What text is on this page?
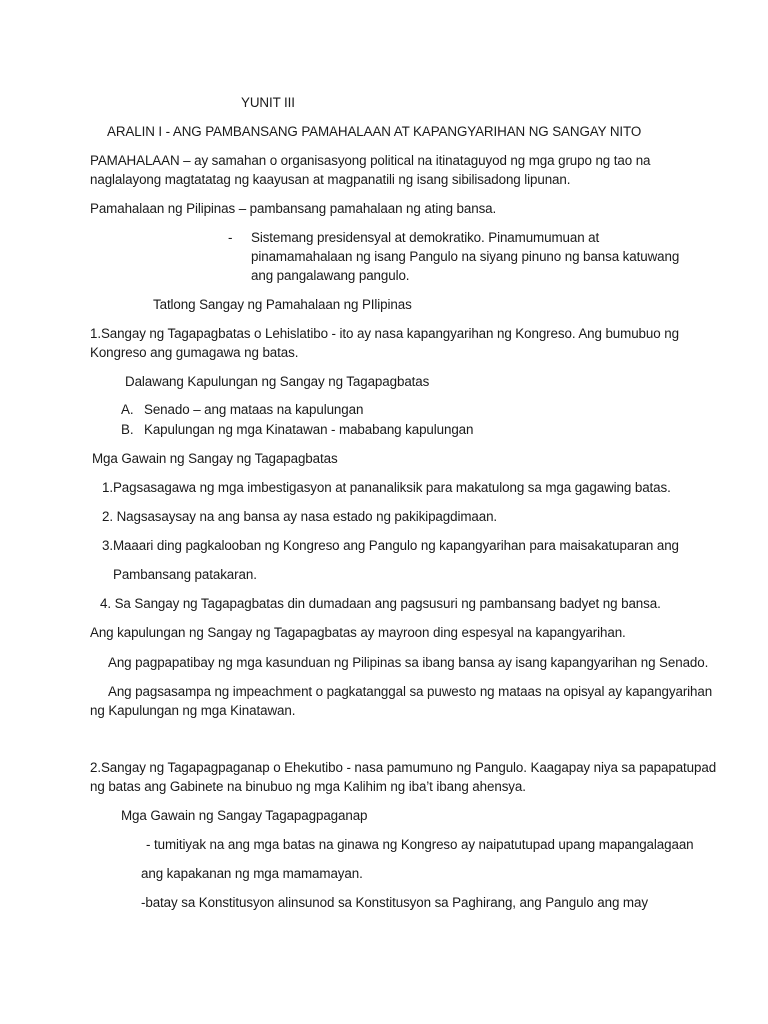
YUNIT III
ARALIN I - ANG PAMBANSANG PAMAHALAAN AT KAPANGYARIHAN NG SANGAY NITO
PAMAHALAAN – ay samahan o organisasyong political na itinataguyod ng mga grupo ng tao na
naglalayong magtatatag ng kaayusan at magpanatili ng isang sibilisadong lipunan.
Pamahalaan ng Pilipinas – pambansang pamahalaan ng ating bansa.
- Sistemang presidensyal at demokratiko. Pinamumumuan at
pinamamahalaan ng isang Pangulo na siyang pinuno ng bansa katuwang
ang pangalawang pangulo.
Tatlong Sangay ng Pamahalaan ng PIlipinas
1.Sangay ng Tagapagbatas o Lehislatibo - ito ay nasa kapangyarihan ng Kongreso. Ang bumubuo ng
Kongreso ang gumagawa ng batas.
Dalawang Kapulungan ng Sangay ng Tagapagbatas
A. Senado – ang mataas na kapulungan
B. Kapulungan ng mga Kinatawan - mababang kapulungan
Mga Gawain ng Sangay ng Tagapagbatas
1.Pagsasagawa ng mga imbestigasyon at pananaliksik para makatulong sa mga gagawing batas.
2. Nagsasaysay na ang bansa ay nasa estado ng pakikipagdimaan.
3.Maaari ding pagkalooban ng Kongreso ang Pangulo ng kapangyarihan para maisakatuparan ang
Pambansang patakaran.
4. Sa Sangay ng Tagapagbatas din dumadaan ang pagsusuri ng pambansang badyet ng bansa.
Ang kapulungan ng Sangay ng Tagapagbatas ay mayroon ding espesyal na kapangyarihan.
Ang pagpapatibay ng mga kasunduan ng Pilipinas sa ibang bansa ay isang kapangyarihan ng Senado.
Ang pagsasampa ng impeachment o pagkatanggal sa puwesto ng mataas na opisyal ay kapangyarihan
ng Kapulungan ng mga Kinatawan.
2.Sangay ng Tagapagpaganap o Ehekutibo - nasa pamumuno ng Pangulo. Kaagapay niya sa papapatupad
ng batas ang Gabinete na binubuo ng mga Kalihim ng iba’t ibang ahensya.
Mga Gawain ng Sangay Tagapagpaganap
- tumitiyak na ang mga batas na ginawa ng Kongreso ay naipatutupad upang mapangalagaan
ang kapakanan ng mga mamamayan.
-batay sa Konstitusyon alinsunod sa Konstitusyon sa Paghirang, ang Pangulo ang may
